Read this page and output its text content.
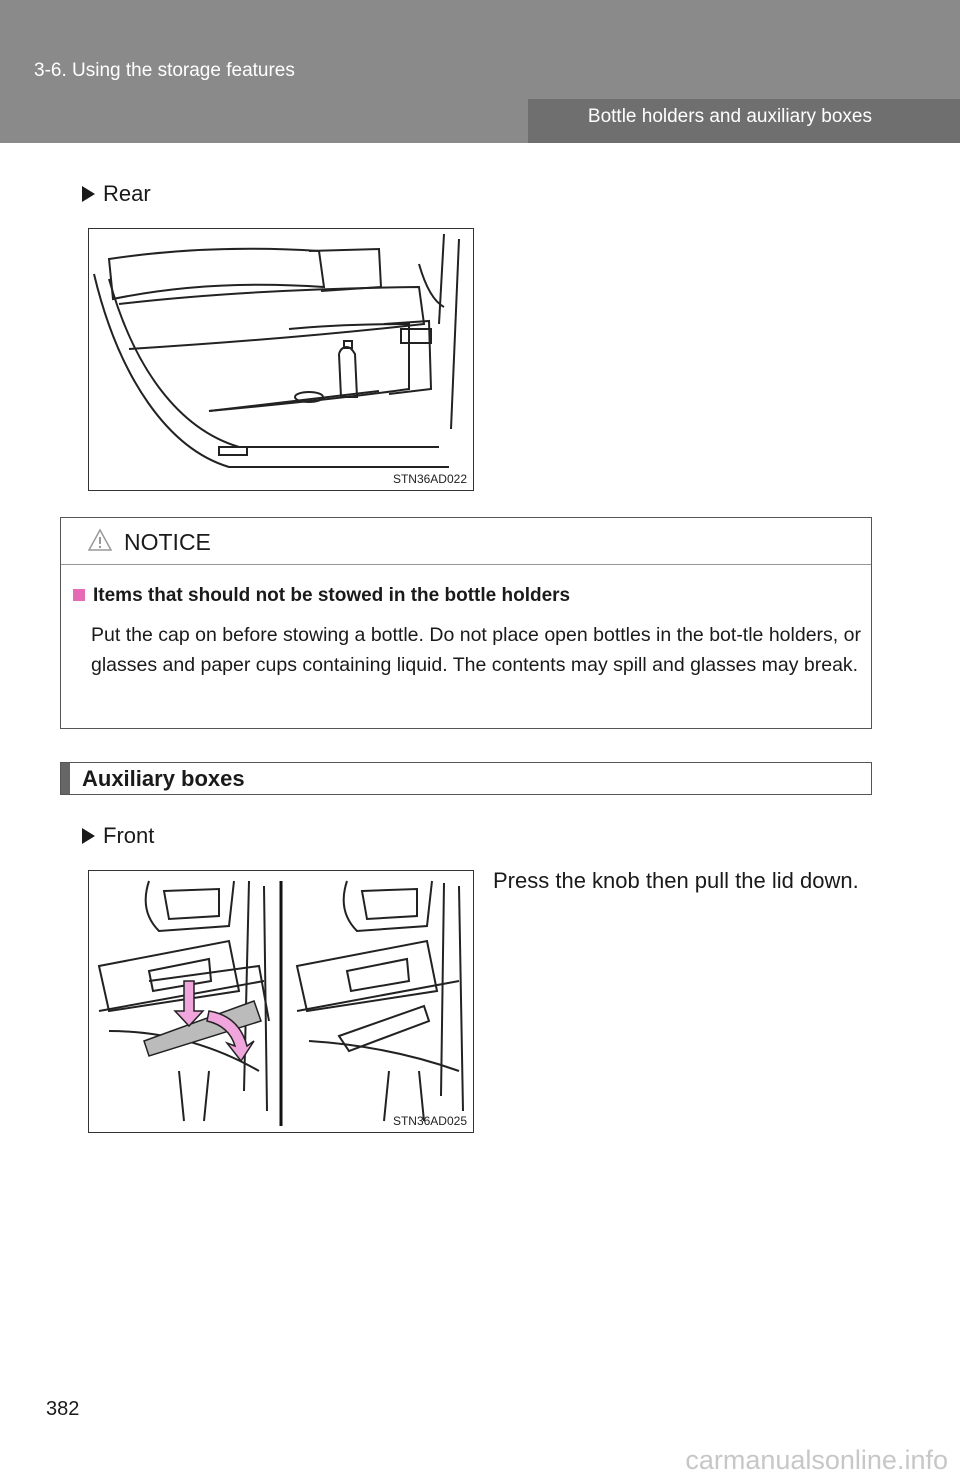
3-6. Using the storage features
Bottle holders and auxiliary boxes
Rear
STN36AD022
NOTICE
Items that should not be stowed in the bottle holders
Put the cap on before stowing a bottle. Do not place open bottles in the bot-tle holders, or glasses and paper cups containing liquid. The contents may spill and glasses may break.
Auxiliary boxes
Front
STN36AD025
Press the knob then pull the lid down.
382
carmanualsonline.info
